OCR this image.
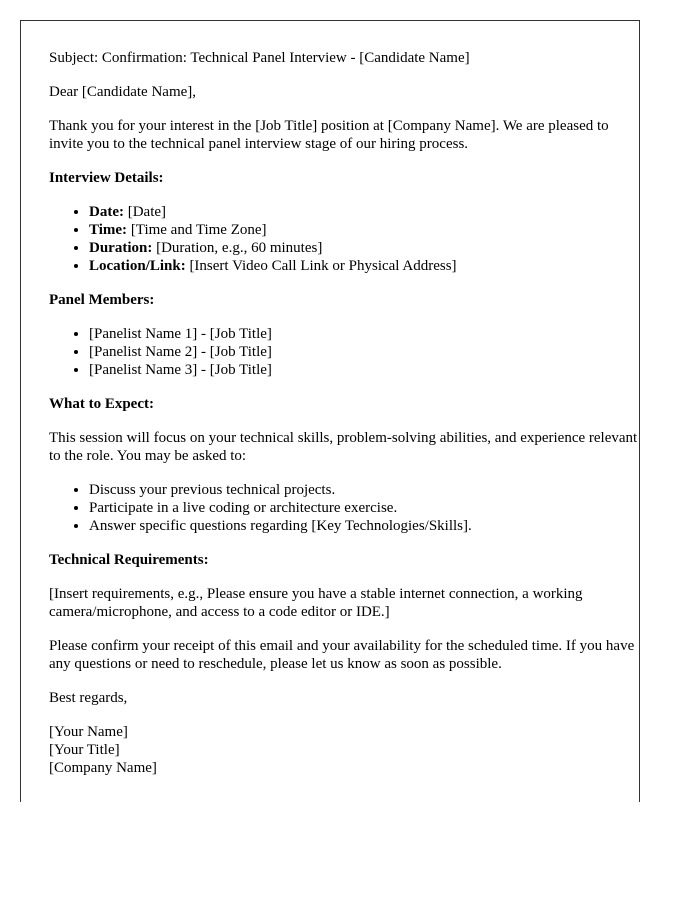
Subject: Confirmation: Technical Panel Interview - [Candidate Name]

Dear [Candidate Name],

Thank you for your interest in the [Job Title] position at [Company Name]. We are pleased to invite you to the technical panel interview stage of our hiring process.

Interview Details:

• Date: [Date]
• Time: [Time and Time Zone]
• Duration: [Duration, e.g., 60 minutes]
• Location/Link: [Insert Video Call Link or Physical Address]

Panel Members:

• [Panelist Name 1] - [Job Title]
• [Panelist Name 2] - [Job Title]
• [Panelist Name 3] - [Job Title]

What to Expect:

This session will focus on your technical skills, problem-solving abilities, and experience relevant to the role. You may be asked to:

• Discuss your previous technical projects.
• Participate in a live coding or architecture exercise.
• Answer specific questions regarding [Key Technologies/Skills].

Technical Requirements:

[Insert requirements, e.g., Please ensure you have a stable internet connection, a working camera/microphone, and access to a code editor or IDE.]

Please confirm your receipt of this email and your availability for the scheduled time. If you have any questions or need to reschedule, please let us know as soon as possible.

Best regards,

[Your Name]

[Your Title]

[Company Name]
